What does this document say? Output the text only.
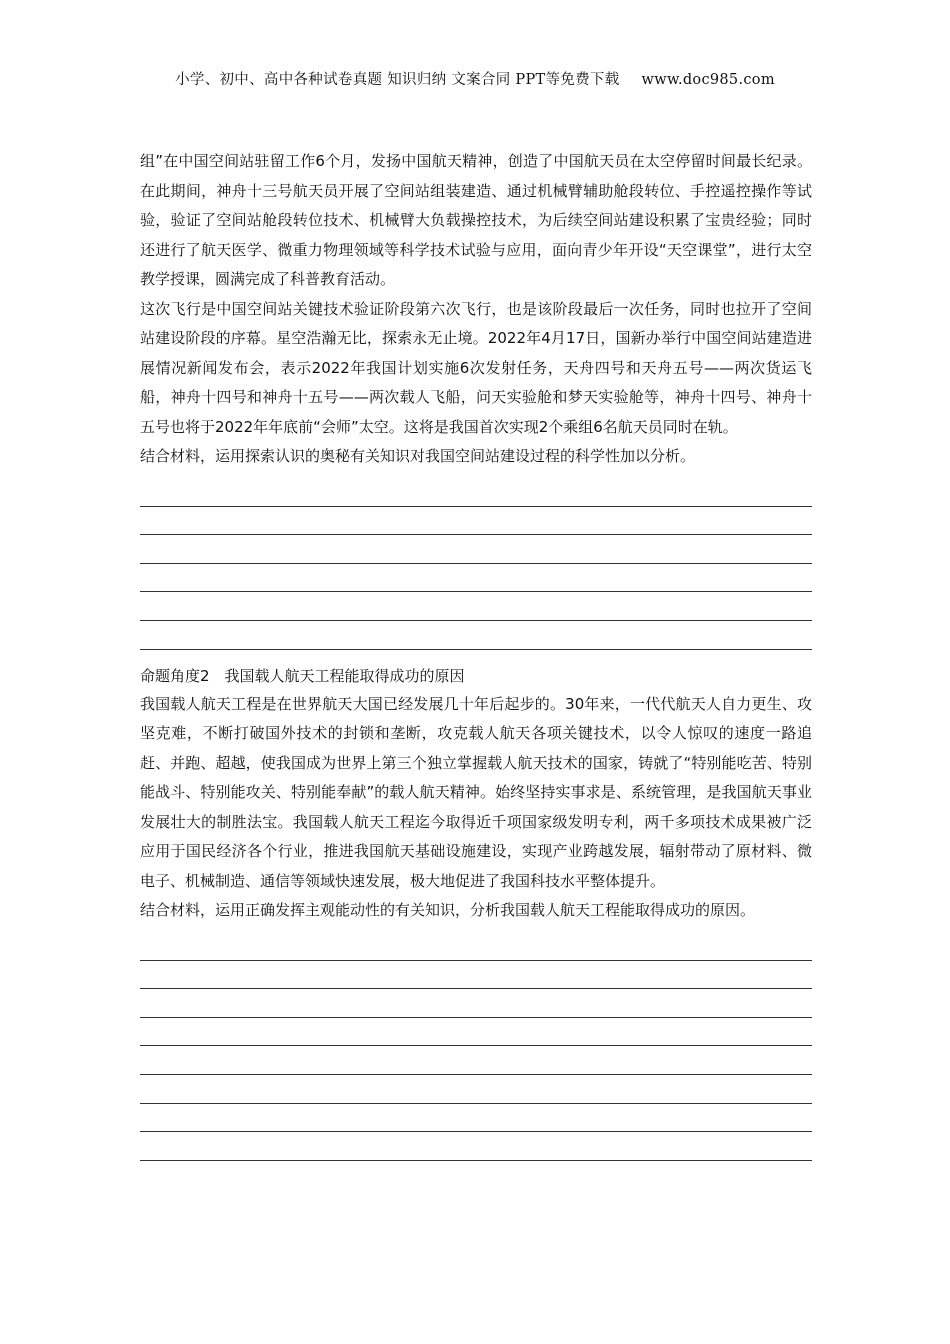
小学、初中、高中各种试卷真题 知识归纳 文案合同 PPT等免费下载 www.doc985.com

组”在中国空间站驻留工作6个月，发扬中国航天精神，创造了中国航天员在太空停留时间最长纪录。在此期间，神舟十三号航天员开展了空间站组装建造、通过机械臂辅助舱段转位、手控遥控操作等试验，验证了空间站舱段转位技术、机械臂大负载操控技术，为后续空间站建设积累了宝贵经验；同时还进行了航天医学、微重力物理领域等科学技术试验与应用，面向青少年开设“天空课堂”，进行太空教学授课，圆满完成了科普教育活动。

这次飞行是中国空间站关键技术验证阶段第六次飞行，也是该阶段最后一次任务，同时也拉开了空间站建设阶段的序幕。星空浩瀚无比，探索永无止境。2022年4月17日，国新办举行中国空间站建造进展情况新闻发布会，表示2022年我国计划实施6次发射任务，天舟四号和天舟五号——两次货运飞船，神舟十四号和神舟十五号——两次载人飞船，问天实验舱和梦天实验舱等，神舟十四号、神舟十五号也将于2022年年底前“会师”太空。这将是我国首次实现2个乘组6名航天员同时在轨。

结合材料，运用探索认识的奥秘有关知识对我国空间站建设过程的科学性加以分析。

命题角度2　我国载人航天工程能取得成功的原因

我国载人航天工程是在世界航天大国已经发展几十年后起步的。30年来，一代代航天人自力更生、攻坚克难，不断打破国外技术的封锁和垄断，攻克载人航天各项关键技术，以令人惊叹的速度一路追赶、并跑、超越，使我国成为世界上第三个独立掌握载人航天技术的国家，铸就了“特别能吃苦、特别能战斗、特别能攻关、特别能奉献”的载人航天精神。始终坚持实事求是、系统管理，是我国航天事业发展壮大的制胜法宝。我国载人航天工程迄今取得近千项国家级发明专利，两千多项技术成果被广泛应用于国民经济各个行业，推进我国航天基础设施建设，实现产业跨越发展，辐射带动了原材料、微电子、机械制造、通信等领域快速发展，极大地促进了我国科技水平整体提升。

结合材料，运用正确发挥主观能动性的有关知识，分析我国载人航天工程能取得成功的原因。
